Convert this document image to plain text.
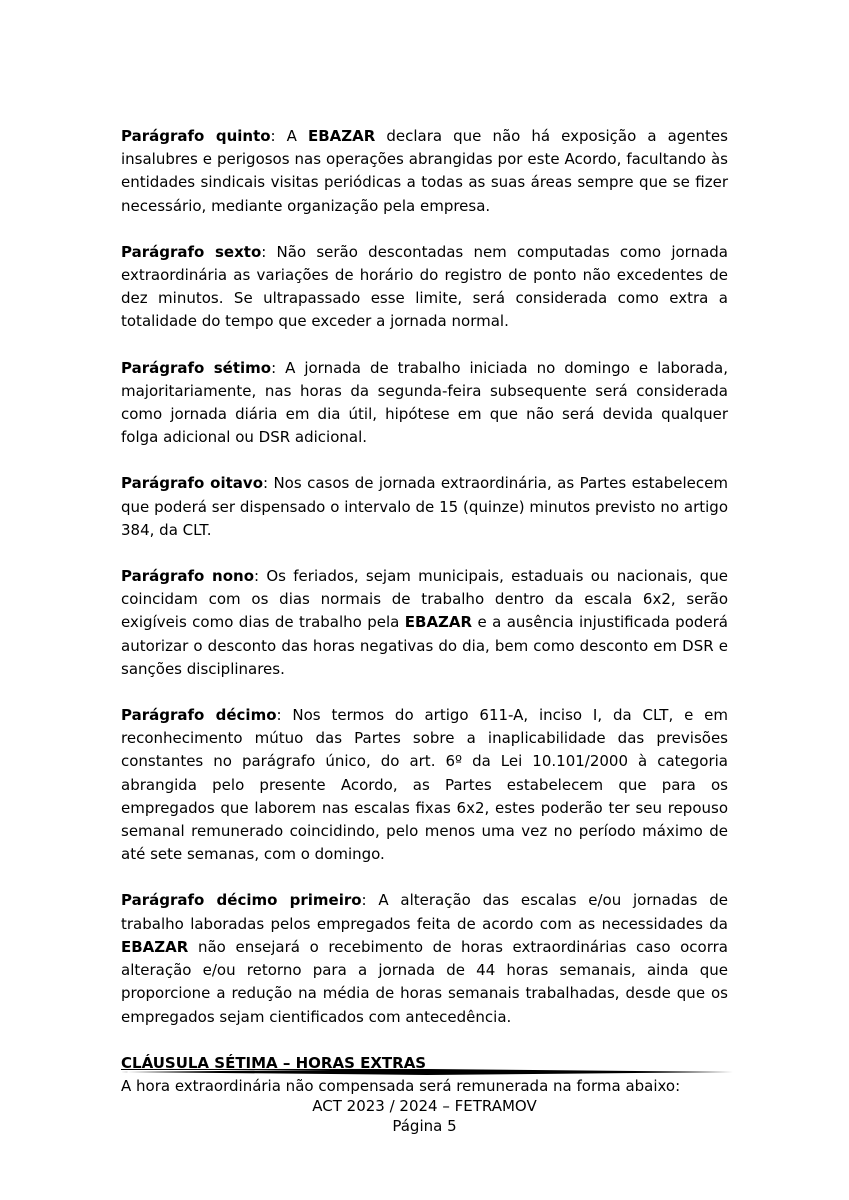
Parágrafo quinto: A EBAZAR declara que não há exposição a agentes insalubres e perigosos nas operações abrangidas por este Acordo, facultando às entidades sindicais visitas periódicas a todas as suas áreas sempre que se fizer necessário, mediante organização pela empresa.

Parágrafo sexto: Não serão descontadas nem computadas como jornada extraordinária as variações de horário do registro de ponto não excedentes de dez minutos. Se ultrapassado esse limite, será considerada como extra a totalidade do tempo que exceder a jornada normal.

Parágrafo sétimo: A jornada de trabalho iniciada no domingo e laborada, majoritariamente, nas horas da segunda-feira subsequente será considerada como jornada diária em dia útil, hipótese em que não será devida qualquer folga adicional ou DSR adicional.

Parágrafo oitavo: Nos casos de jornada extraordinária, as Partes estabelecem que poderá ser dispensado o intervalo de 15 (quinze) minutos previsto no artigo 384, da CLT.

Parágrafo nono: Os feriados, sejam municipais, estaduais ou nacionais, que coincidam com os dias normais de trabalho dentro da escala 6x2, serão exigíveis como dias de trabalho pela EBAZAR e a ausência injustificada poderá autorizar o desconto das horas negativas do dia, bem como desconto em DSR e sanções disciplinares.

Parágrafo décimo: Nos termos do artigo 611-A, inciso I, da CLT, e em reconhecimento mútuo das Partes sobre a inaplicabilidade das previsões constantes no parágrafo único, do art. 6º da Lei 10.101/2000 à categoria abrangida pelo presente Acordo, as Partes estabelecem que para os empregados que laborem nas escalas fixas 6x2, estes poderão ter seu repouso semanal remunerado coincidindo, pelo menos uma vez no período máximo de até sete semanas, com o domingo.

Parágrafo décimo primeiro: A alteração das escalas e/ou jornadas de trabalho laboradas pelos empregados feita de acordo com as necessidades da EBAZAR não ensejará o recebimento de horas extraordinárias caso ocorra alteração e/ou retorno para a jornada de 44 horas semanais, ainda que proporcione a redução na média de horas semanais trabalhadas, desde que os empregados sejam cientificados com antecedência.

CLÁUSULA SÉTIMA – HORAS EXTRAS

A hora extraordinária não compensada será remunerada na forma abaixo:

ACT 2023 / 2024 – FETRAMOV
Página 5
